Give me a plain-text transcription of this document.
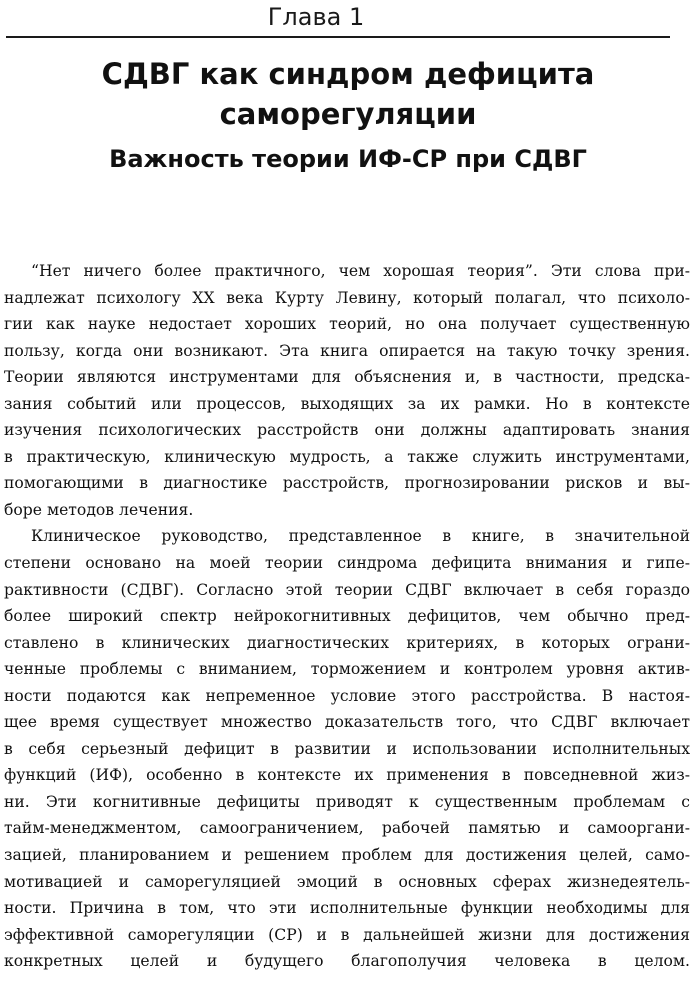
Глава 1
СДВГ как синдром дефицита
саморегуляции
Важность теории ИФ-СР при СДВГ

“Нет ничего более практичного, чем хорошая теория”. Эти слова при-
надлежат психологу XX века Курту Левину, который полагал, что психоло-
гии как науке недостает хороших теорий, но она получает существенную
пользу, когда они возникают. Эта книга опирается на такую точку зрения.
Теории являются инструментами для объяснения и, в частности, предска-
зания событий или процессов, выходящих за их рамки. Но в контексте
изучения психологических расстройств они должны адаптировать знания
в практическую, клиническую мудрость, а также служить инструментами,
помогающими в диагностике расстройств, прогнозировании рисков и вы-
боре методов лечения.

Клиническое руководство, представленное в книге, в значительной
степени основано на моей теории синдрома дефицита внимания и гипе-
рактивности (СДВГ). Согласно этой теории СДВГ включает в себя гораздо
более широкий спектр нейрокогнитивных дефицитов, чем обычно пред-
ставлено в клинических диагностических критериях, в которых ограни-
ченные проблемы с вниманием, торможением и контролем уровня актив-
ности подаются как непременное условие этого расстройства. В настоя-
щее время существует множество доказательств того, что СДВГ включает
в себя серьезный дефицит в развитии и использовании исполнительных
функций (ИФ), особенно в контексте их применения в повседневной жиз-
ни. Эти когнитивные дефициты приводят к существенным проблемам с
тайм-менеджментом, самоограничением, рабочей памятью и самооргани-
зацией, планированием и решением проблем для достижения целей, само-
мотивацией и саморегуляцией эмоций в основных сферах жизнедеятель-
ности. Причина в том, что эти исполнительные функции необходимы для
эффективной саморегуляции (СР) и в дальнейшей жизни для достижения
конкретных целей и будущего благополучия человека в целом.
